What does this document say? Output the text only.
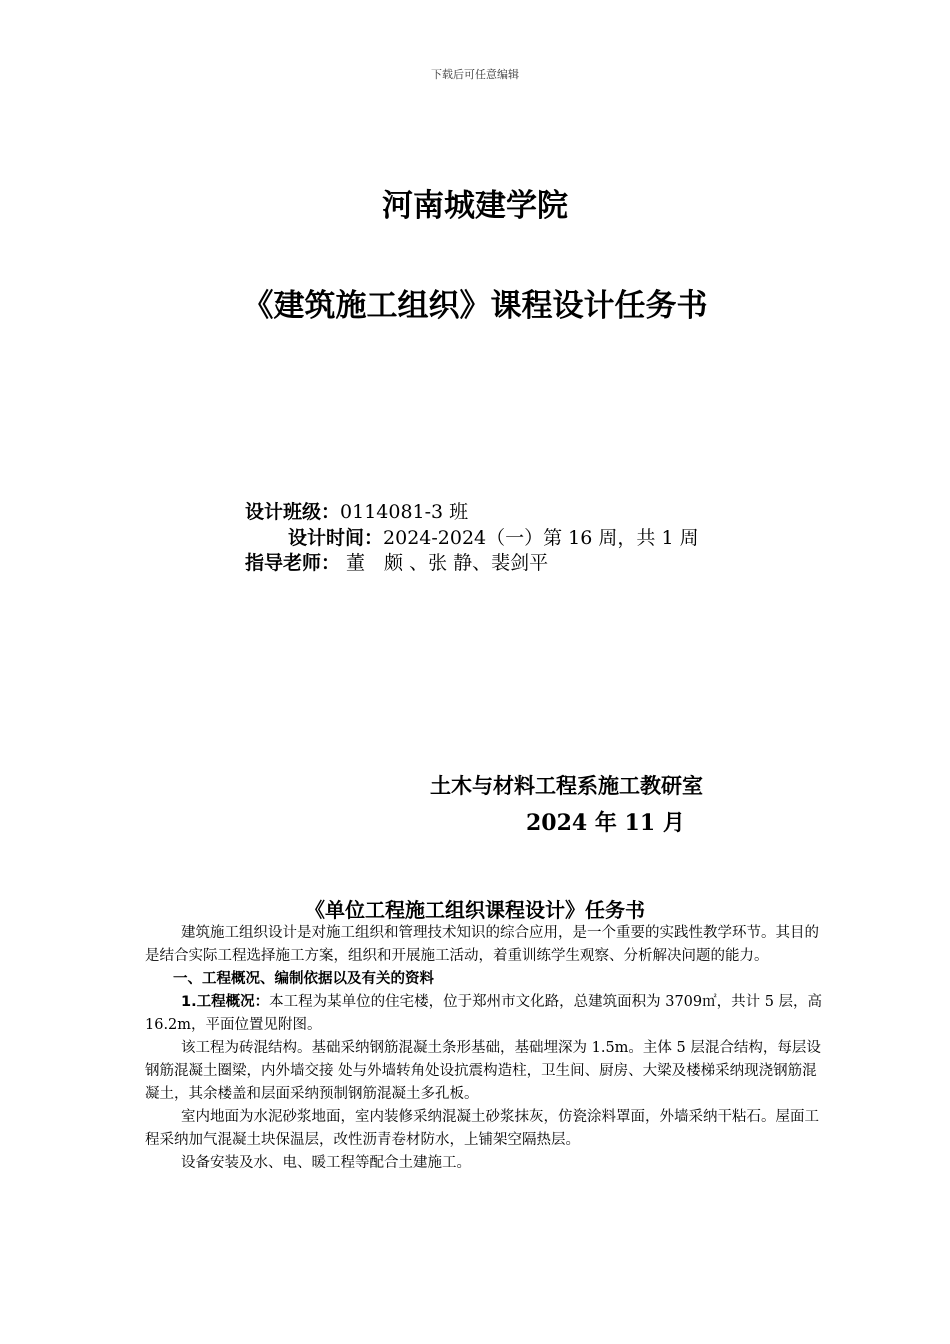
下载后可任意编辑
河南城建学院
《建筑施工组织》课程设计任务书
设计班级：0114081-3 班
设计时间：2024-2024（一）第 16 周，共 1 周
指导老师： 董　颇 、张 静、裴剑平
土木与材料工程系施工教研室
2024 年 11 月
《单位工程施工组织课程设计》任务书

建筑施工组织设计是对施工组织和管理技术知识的综合应用，是一个重要的实践性教学环节。其目的是结合实际工程选择施工方案，组织和开展施工活动，着重训练学生观察、分析解决问题的能力。

一、工程概况、编制依据以及有关的资料

1.工程概况：本工程为某单位的住宅楼，位于郑州市文化路，总建筑面积为 3709㎡，共计 5 层，高 16.2m，平面位置见附图。

该工程为砖混结构。基础采纳钢筋混凝土条形基础，基础埋深为 1.5m。主体 5 层混合结构，每层设钢筋混凝土圈梁，内外墙交接 处与外墙转角处设抗震构造柱，卫生间、厨房、大梁及楼梯采纳现浇钢筋混凝土，其余楼盖和层面采纳预制钢筋混凝土多孔板。

室内地面为水泥砂浆地面，室内装修采纳混凝土砂浆抹灰，仿瓷涂料罩面，外墙采纳干粘石。屋面工程采纳加气混凝土块保温层，改性沥青卷材防水，上铺架空隔热层。

设备安装及水、电、暖工程等配合土建施工。
